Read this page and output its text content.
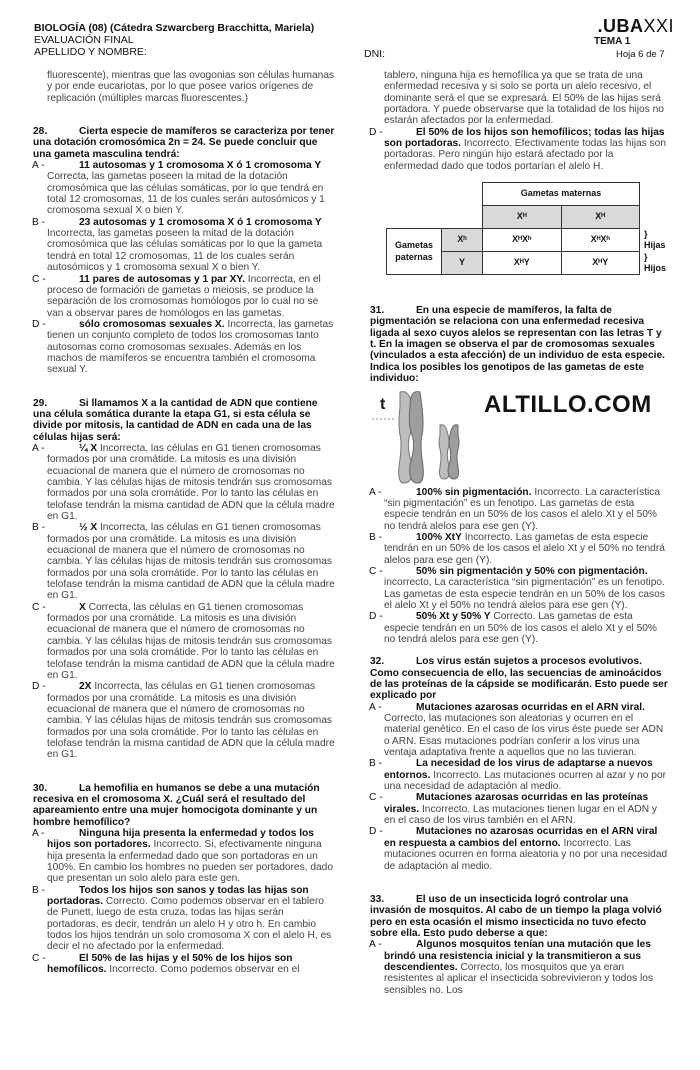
BIOLOGÍA (08) (Cátedra Szwarcberg Bracchitta, Mariela)
EVALUACIÓN FINAL
APELLIDO Y NOMBRE:	DNI:
.UBAXXI
TEMA 1
Hoja 6 de 7

fluorescente), mientras que las ovogonias son células humanas y por ende eucariotas, por lo que posee varios orígenes de replicación (múltiples marcas fluorescentes.)

28.	Cierta especie de mamíferos se caracteriza por tener una dotación cromosómica 2n = 24. Se puede concluir que una gameta masculina tendrá:

A -	11 autosomas y 1 cromosoma X ó 1 cromosoma Y
Correcta, las gametas poseen la mitad de la dotación cromosómica que las células somáticas, por lo que tendrá en total 12 cromosomas, 11 de los cuales serán autosómicos y 1 cromosoma sexual X o bien Y.

B -	23 autosomas y 1 cromosoma X ó 1 cromosoma Y
Incorrecta, las gametas poseen la mitad de la dotación cromosómica que las células somáticas por lo que la gameta tendrá en total 12 cromosomas, 11 de los cuales serán autosómicos y 1 cromosoma sexual X o bien Y.

C -	11 pares de autosomas y 1 par XY. Incorrecta, en el proceso de formación de gametas o meiosis, se produce la separación de los cromosomas homólogos por lo cual no se van a observar pares de homólogos en las gametas.

D -	sólo cromosomas sexuales X. Incorrecta, las gametas tienen un conjunto completo de todos los cromosomas tanto autosomas como cromosomas sexuales. Además en los machos de mamíferos se encuentra también el cromosoma sexual Y.

29.	Si llamamos X a la cantidad de ADN que contiene una célula somática durante la etapa G1, si esta célula se divide por mitosis, la cantidad de ADN en cada una de las células hijas será:

A -	¼ X Incorrecta, las células en G1 tienen cromosomas formados por una cromátide. La mitosis es una división ecuacional de manera que el número de cromosomas no cambia. Y las células hijas de mitosis tendrán sus cromosomas formados por una sola cromátide. Por lo tanto las células en telofase tendrán la misma cantidad de ADN que la célula madre en G1.

B -	½ X Incorrecta, las células en G1 tienen cromosomas formados por una cromátide. La mitosis es una división ecuacional de manera que el número de cromosomas no cambia. Y las células hijas de mitosis tendrán sus cromosomas formados por una sola cromátide. Por lo tanto las células en telofase tendrán la misma cantidad de ADN que la célula madre en G1.

C -	X Correcta, las células en G1 tienen cromosomas formados por una cromátide. La mitosis es una división ecuacional de manera que el número de cromosomas no cambia. Y las células hijas de mitosis tendrán sus cromosomas formados por una sola cromátide. Por lo tanto las células en telofase tendrán la misma cantidad de ADN que la célula madre en G1.

D -	2X Incorrecta, las células en G1 tienen cromosomas formados por una cromátide. La mitosis es una división ecuacional de manera que el número de cromosomas no cambia. Y las células hijas de mitosis tendrán sus cromosomas formados por una sola cromátide. Por lo tanto las células en telofase tendrán la misma cantidad de ADN que la célula madre en G1.

30.	La hemofilia en humanos se debe a una mutación recesiva en el cromosoma X. ¿Cuál será el resultado del apareamiento entre una mujer homocigota dominante y un hombre hemofílico?

A -	Ninguna hija presenta la enfermedad y todos los hijos son portadores. Incorrecto. Si, efectivamente ninguna hija presenta la enfermedad dado que son portadoras en un 100%. En cambio los hombres no pueden ser portadores, dado que presentan un solo alelo para este gen.

B -	Todos los hijos son sanos y todas las hijas son portadoras. Correcto. Como podemos observar en el tablero de Punett, luego de esta cruza, todas las hijas serán portadoras, es decir, tendrán un alelo H y otro h. En cambio todos los hijos tendrán un solo cromosoma X con el alelo H, es decir el no afectado por la enfermedad.

C -	El 50% de las hijas y el 50% de los hijos son hemofílicos. Incorrecto. Como podemos observar en el

tablero, ninguna hija es hemofílica ya que se trata de una enfermedad recesiva y si solo se porta un alelo recesivo, el dominante será el que se expresará. El 50% de las hijas será portadora. Y puede observarse que la totalidad de los hijos no estarán afectados por la enfermedad.

D -	El 50% de los hijos son hemofílicos; todas las hijas son portadoras. Incorrecto. Efectivamente todas las hijas son portadoras. Pero ningún hijo estará afectado por la enfermedad dado que todos portarían el alelo H.

		Gametas maternas		
		Xᴴ	Xᴴ	
Gametas paternas	Xʰ	XᴴXʰ	XᴴXʰ	} Hijas
	Y	XᴴY	XᴴY	} Hijos

31.	En una especie de mamíferos, la falta de pigmentación se relaciona con una enfermedad recesiva ligada al sexo cuyos alelos se representan con las letras T y t. En la imagen se observa el par de cromosomas sexuales (vinculados a esta afección) de un individuo de esta especie. Indica los posibles los genotipos de las gametas de este individuo:

t	ALTILLO.COM

A -	100% sin pigmentación. Incorrecto. La característica “sin pigmentación” es un fenotipo. Las gametas de esta especie tendrán en un 50% de los casos el alelo Xt y el 50% no tendrá alelos para ese gen (Y).

B -	100% XtY Incorrecto. Las gametas de esta especie tendrán en un 50% de los casos el alelo Xt y el 50% no tendrá alelos para ese gen (Y).

C -	50% sin pigmentación y 50% con pigmentación. incorrecto, La característica “sin pigmentación” es un fenotipo. Las gametas de esta especie tendrán en un 50% de los casos el alelo Xt y el 50% no tendrá alelos para ese gen (Y).

D -	50% Xt y 50% Y Correcto. Las gametas de esta especie tendrán en un 50% de los casos el alelo Xt y el 50% no tendrá alelos para ese gen (Y).

32.	Los virus están sujetos a procesos evolutivos. Como consecuencia de ello, las secuencias de aminoácidos de las proteínas de la cápside se modificarán. Esto puede ser explicado por

A -	Mutaciones azarosas ocurridas en el ARN viral.
Correcto, las mutaciones son aleatorias y ocurren en el material genético. En el caso de los virus éste puede ser ADN o ARN. Esas mutaciones podrían conferir a los virus una ventaja adaptativa frente a aquellos que no las tuvieran.

B -	La necesidad de los virus de adaptarse a nuevos entornos. Incorrecto. Las mutaciones ocurren al azar y no por una necesidad de adaptación al medio.

C -	Mutaciones azarosas ocurridas en las proteínas virales. Incorrecto. Las mutaciones tienen lugar en el ADN y en el caso de los virus también en el ARN.

D -	Mutaciones no azarosas ocurridas en el ARN viral en respuesta a cambios del entorno. Incorrecto. Las mutaciones ocurren en forma aleatoria y no por una necesidad de adaptación al medio.

33.	El uso de un insecticida logró controlar una invasión de mosquitos. Al cabo de un tiempo la plaga volvió pero en esta ocasión el mismo insecticida no tuvo efecto sobre ella. Esto pudo deberse a que:

A -	Algunos mosquitos tenían una mutación que les brindó una resistencia inicial y la transmitieron a sus descendientes. Correcto, los mosquitos que ya eran resistentes al aplicar el insecticida sobrevivieron y todos los sensibles no. Los
